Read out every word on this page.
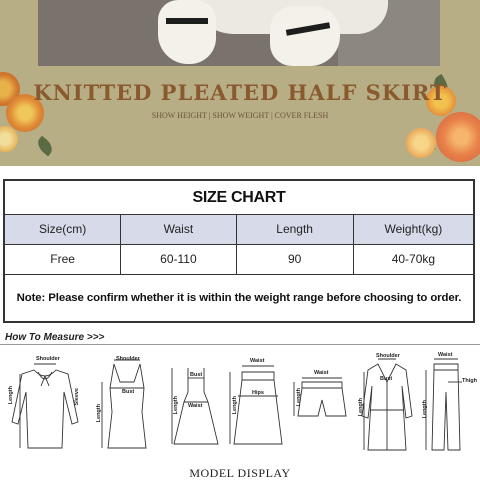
KNITTED PLEATED HALF SKIRT
SHOW HEIGHT | SHOW WEIGHT | COVER FLESH
SIZE CHART
Size(cm)	Waist	Length	Weight(kg)
Free	60-110	90	40-70kg
Note: Please confirm whether it is within the weight range before choosing to order.
How To Measure >>>
Shoulder
Length	Sleeve
Shoulder
Bust
Length
Bust
Waist
Length
Waist
Hips
Length
Waist
Length
Shoulder
Bust
Length
Waist
Thigh
Length
MODEL DISPLAY
